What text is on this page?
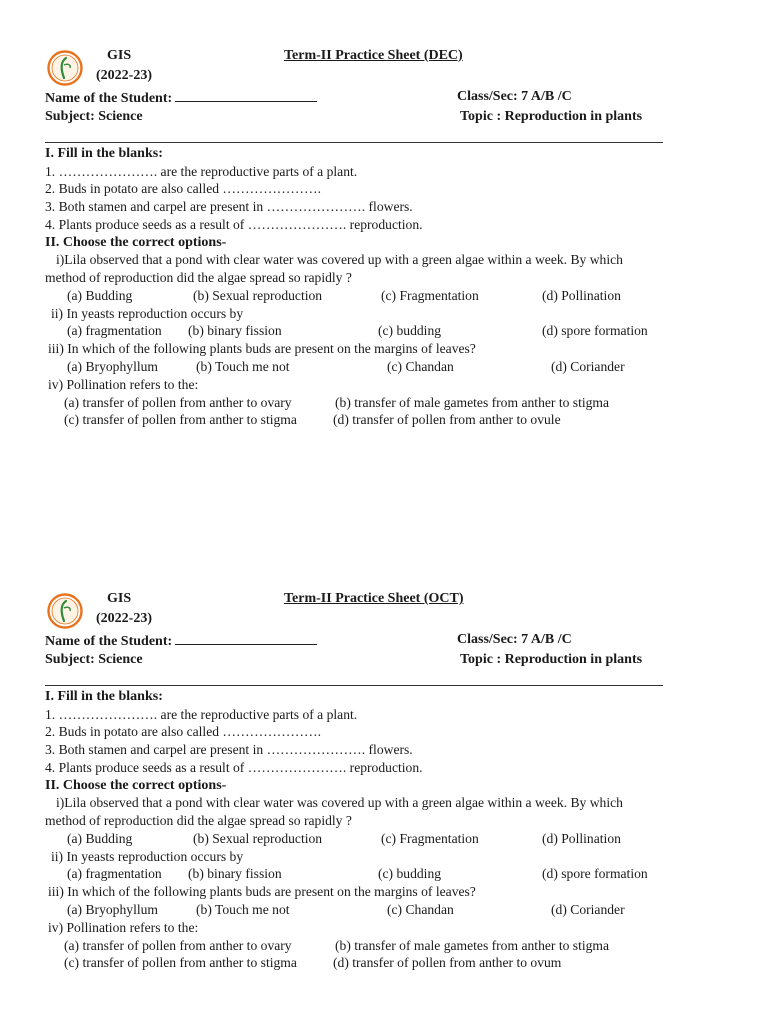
GIS
(2022-23)
Term-II Practice Sheet (DEC)
Name of the Student:	Class/Sec: 7 A/B /C
Subject: Science	Topic : Reproduction in plants
I. Fill in the blanks:
1. …………………. are the reproductive parts of a plant.
2. Buds in potato are also called ………………….
3. Both stamen and carpel are present in …………………. flowers.
4. Plants produce seeds as a result of …………………. reproduction.
II. Choose the correct options-
i)Lila observed that a pond with clear water was covered up with a green algae within a week. By which
method of reproduction did the algae spread so rapidly ?
(a) Budding	(b) Sexual reproduction	(c) Fragmentation	(d) Pollination
ii) In yeasts reproduction occurs by
(a) fragmentation (b) binary fission	(c) budding	(d) spore formation
iii) In which of the following plants buds are present on the margins of leaves?
(a) Bryophyllum	(b) Touch me not	(c) Chandan	(d) Coriander
iv) Pollination refers to the:
(a) transfer of pollen from anther to ovary	(b) transfer of male gametes from anther to stigma
(c) transfer of pollen from anther to stigma	(d) transfer of pollen from anther to ovule
GIS
(2022-23)
Term-II Practice Sheet (OCT)
Name of the Student:	Class/Sec: 7 A/B /C
Subject: Science	Topic : Reproduction in plants
I. Fill in the blanks:
1. …………………. are the reproductive parts of a plant.
2. Buds in potato are also called ………………….
3. Both stamen and carpel are present in …………………. flowers.
4. Plants produce seeds as a result of …………………. reproduction.
II. Choose the correct options-
i)Lila observed that a pond with clear water was covered up with a green algae within a week. By which
method of reproduction did the algae spread so rapidly ?
(a) Budding	(b) Sexual reproduction	(c) Fragmentation	(d) Pollination
ii) In yeasts reproduction occurs by
(a) fragmentation (b) binary fission	(c) budding	(d) spore formation
iii) In which of the following plants buds are present on the margins of leaves?
(a) Bryophyllum	(b) Touch me not	(c) Chandan	(d) Coriander
iv) Pollination refers to the:
(a) transfer of pollen from anther to ovary	(b) transfer of male gametes from anther to stigma
(c) transfer of pollen from anther to stigma	(d) transfer of pollen from anther to ovum
